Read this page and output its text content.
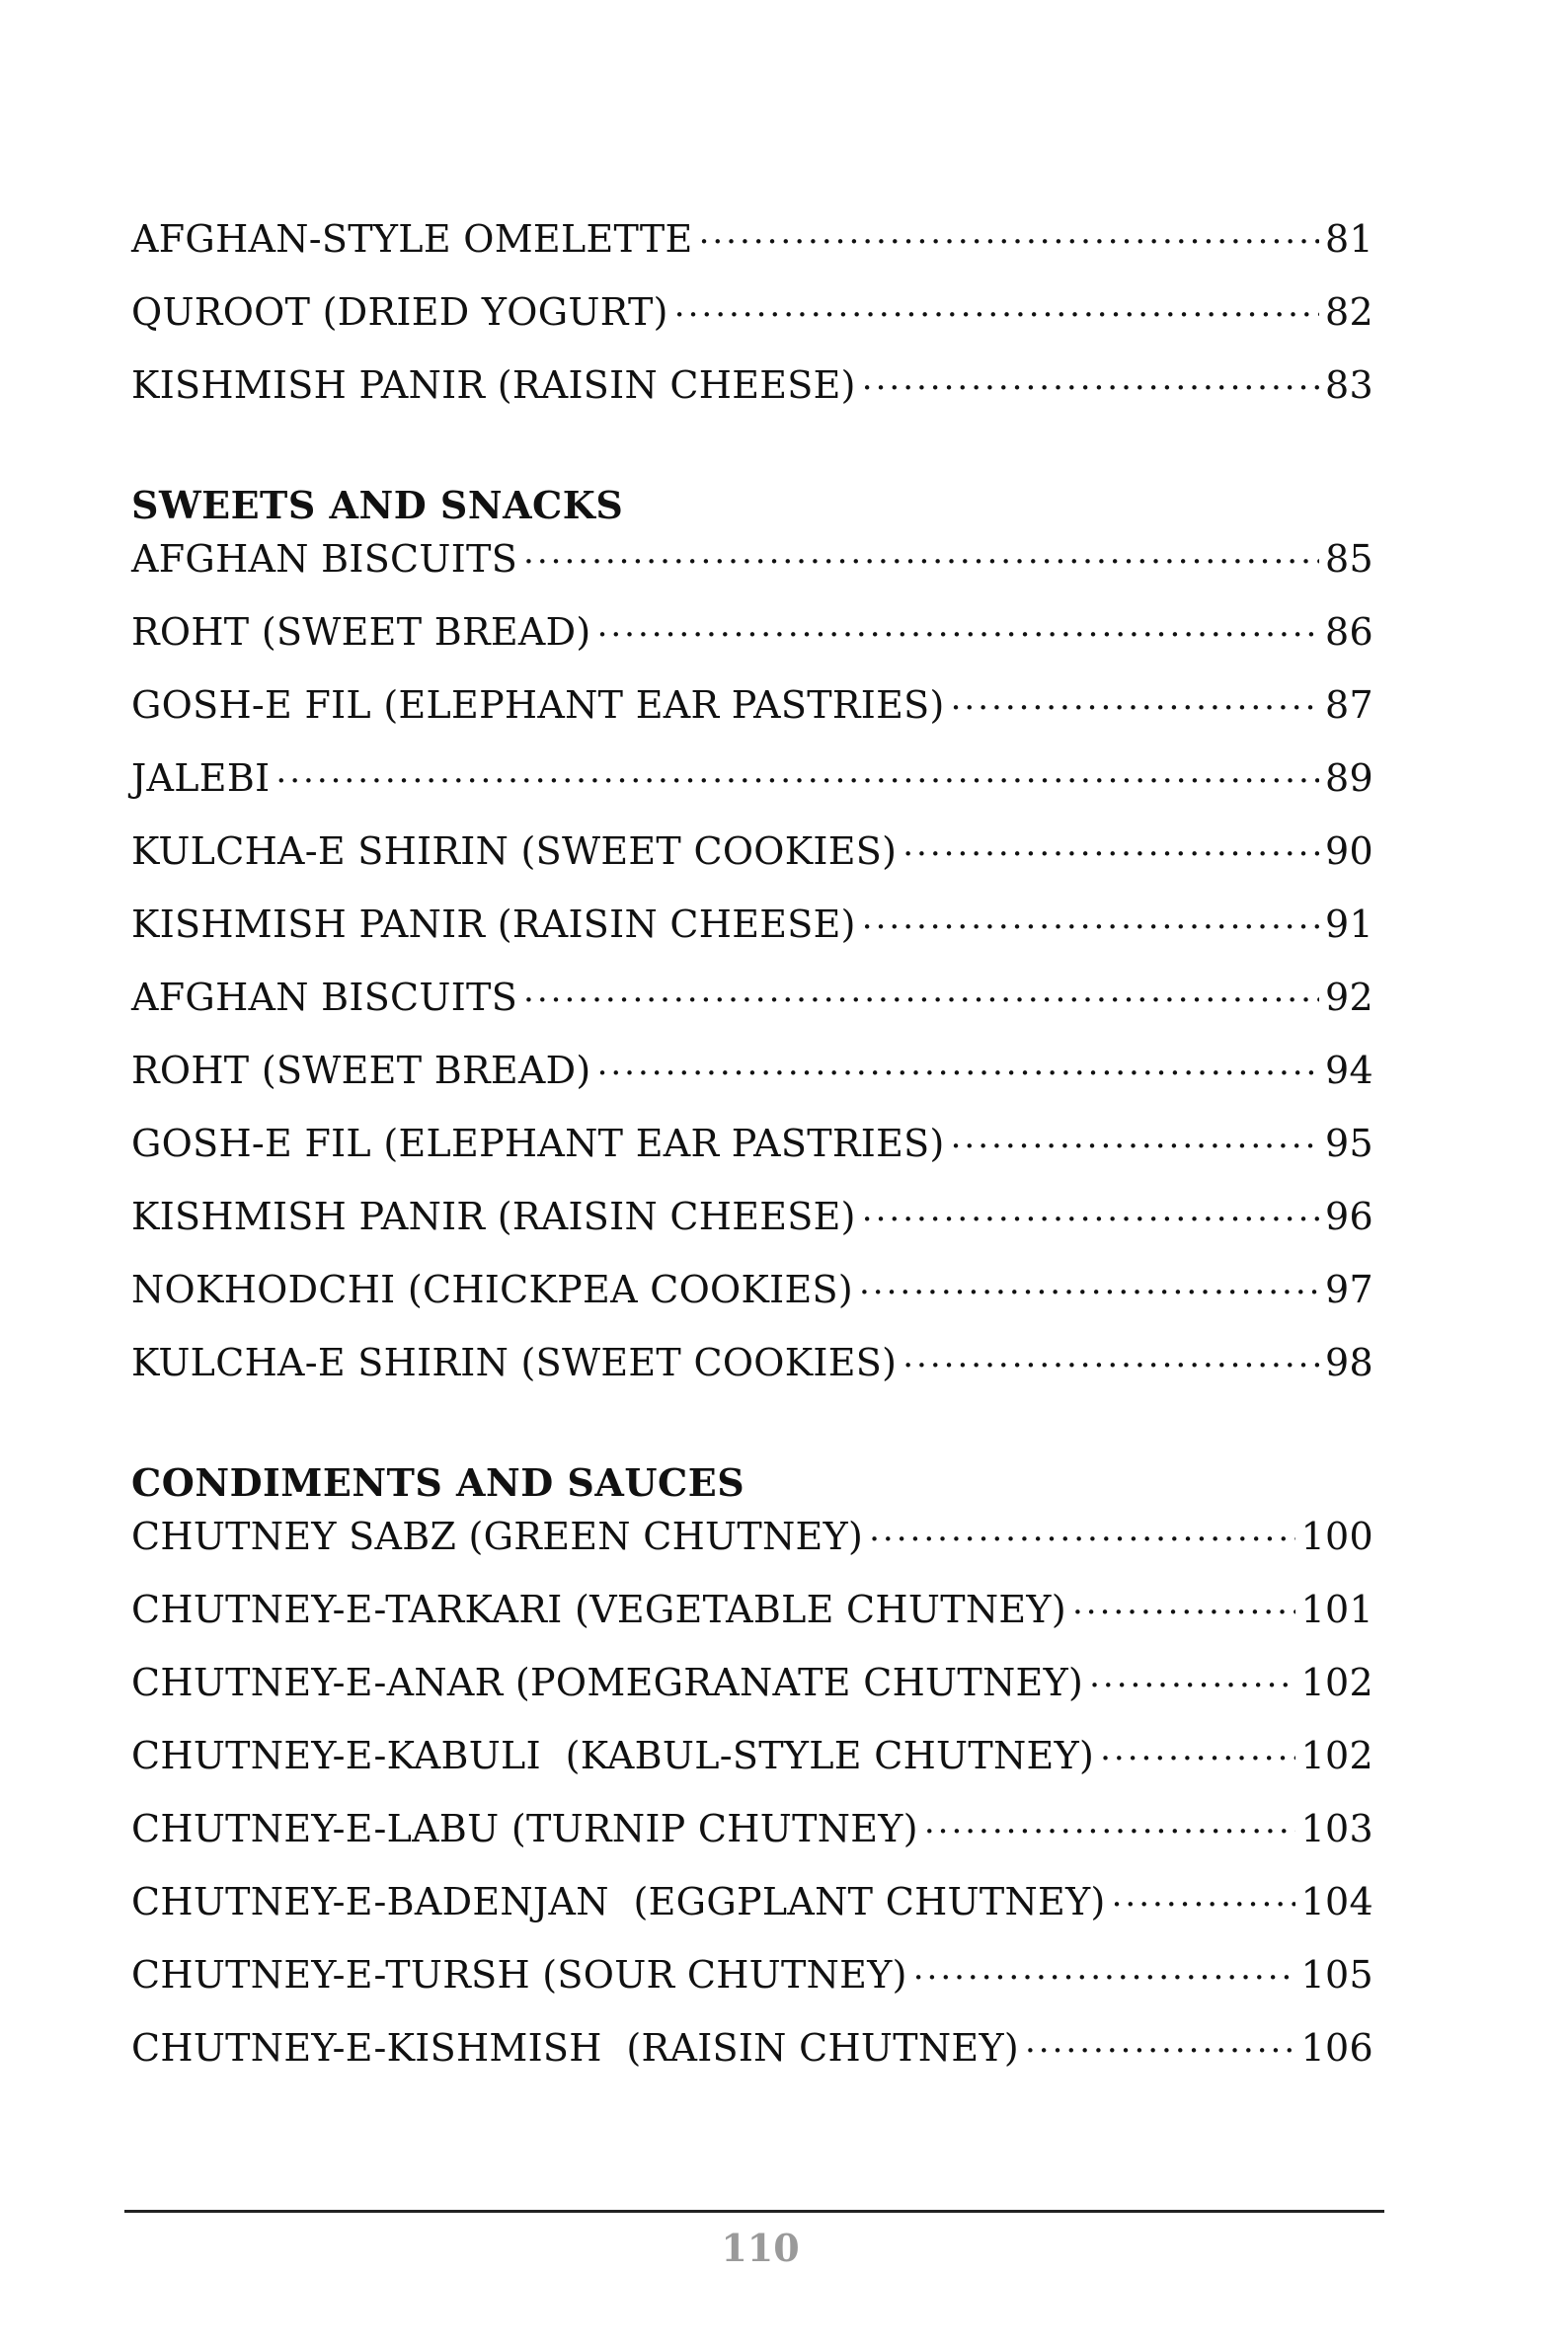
AFGHAN-STYLE OMELETTE .....	81
QUROOT (DRIED YOGURT) .....	82
KISHMISH PANIR (RAISIN CHEESE) .....	83
SWEETS AND SNACKS
AFGHAN BISCUITS .....	85
ROHT (SWEET BREAD) .....	86
GOSH-E FIL (ELEPHANT EAR PASTRIES) .....	87
JALEBI .....	89
KULCHA-E SHIRIN (SWEET COOKIES) .....	90
KISHMISH PANIR (RAISIN CHEESE) .....	91
AFGHAN BISCUITS .....	92
ROHT (SWEET BREAD) .....	94
GOSH-E FIL (ELEPHANT EAR PASTRIES) .....	95
KISHMISH PANIR (RAISIN CHEESE) .....	96
NOKHODCHI (CHICKPEA COOKIES) .....	97
KULCHA-E SHIRIN (SWEET COOKIES) .....	98
CONDIMENTS AND SAUCES
CHUTNEY SABZ (GREEN CHUTNEY) .....	100
CHUTNEY-E-TARKARI (VEGETABLE CHUTNEY) .....	101
CHUTNEY-E-ANAR (POMEGRANATE CHUTNEY) .....	102
CHUTNEY-E-KABULI  (KABUL-STYLE CHUTNEY) .....	102
CHUTNEY-E-LABU (TURNIP CHUTNEY) .....	103
CHUTNEY-E-BADENJAN  (EGGPLANT CHUTNEY) .....	104
CHUTNEY-E-TURSH (SOUR CHUTNEY) .....	105
CHUTNEY-E-KISHMISH  (RAISIN CHUTNEY) .....	106
110
